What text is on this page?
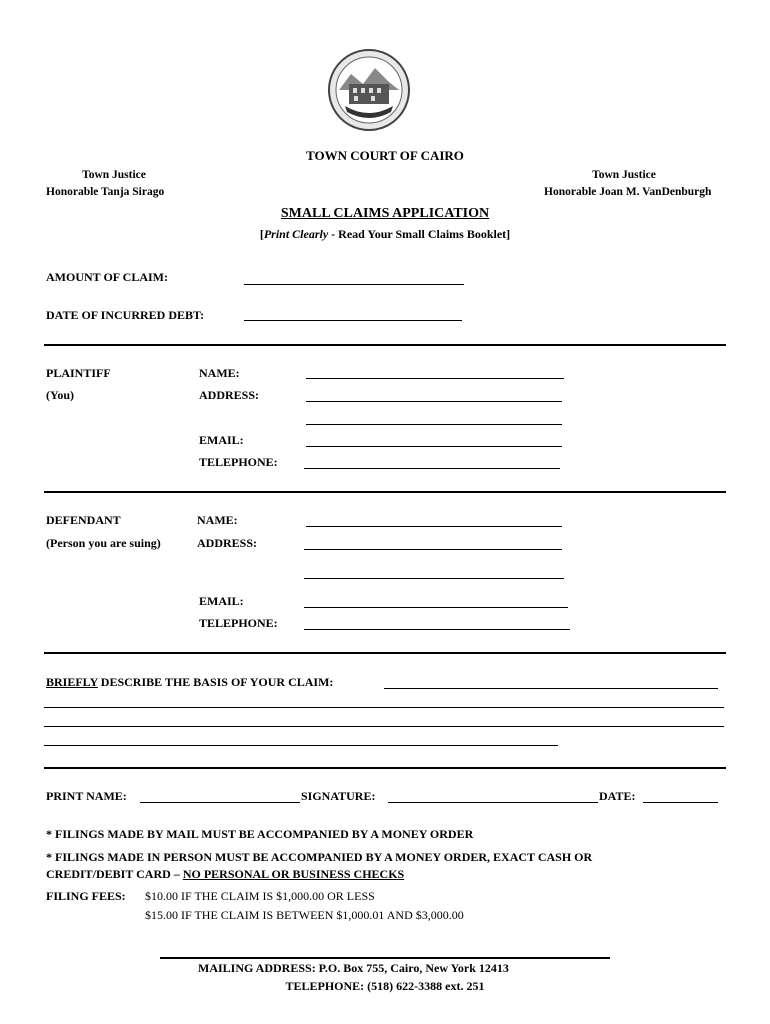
TOWN COURT OF CAIRO
Town Justice
Honorable Tanja Sirago
Town Justice
Honorable Joan M. VanDenburgh
SMALL CLAIMS APPLICATION
[Print Clearly - Read Your Small Claims Booklet]
AMOUNT OF CLAIM:
DATE OF INCURRED DEBT:
PLAINTIFF
(You)
NAME:
ADDRESS:
EMAIL:
TELEPHONE:
DEFENDANT
(Person you are suing)
NAME:
ADDRESS:
EMAIL:
TELEPHONE:
BRIEFLY DESCRIBE THE BASIS OF YOUR CLAIM:
PRINT NAME:	SIGNATURE:	DATE:
* FILINGS MADE BY MAIL MUST BE ACCOMPANIED BY A MONEY ORDER
* FILINGS MADE IN PERSON MUST BE ACCOMPANIED BY A MONEY ORDER, EXACT CASH OR
CREDIT/DEBIT CARD – NO PERSONAL OR BUSINESS CHECKS
FILING FEES: $10.00 IF THE CLAIM IS $1,000.00 OR LESS
$15.00 IF THE CLAIM IS BETWEEN $1,000.01 AND $3,000.00
MAILING ADDRESS: P.O. Box 755, Cairo, New York 12413
TELEPHONE: (518) 622-3388 ext. 251
